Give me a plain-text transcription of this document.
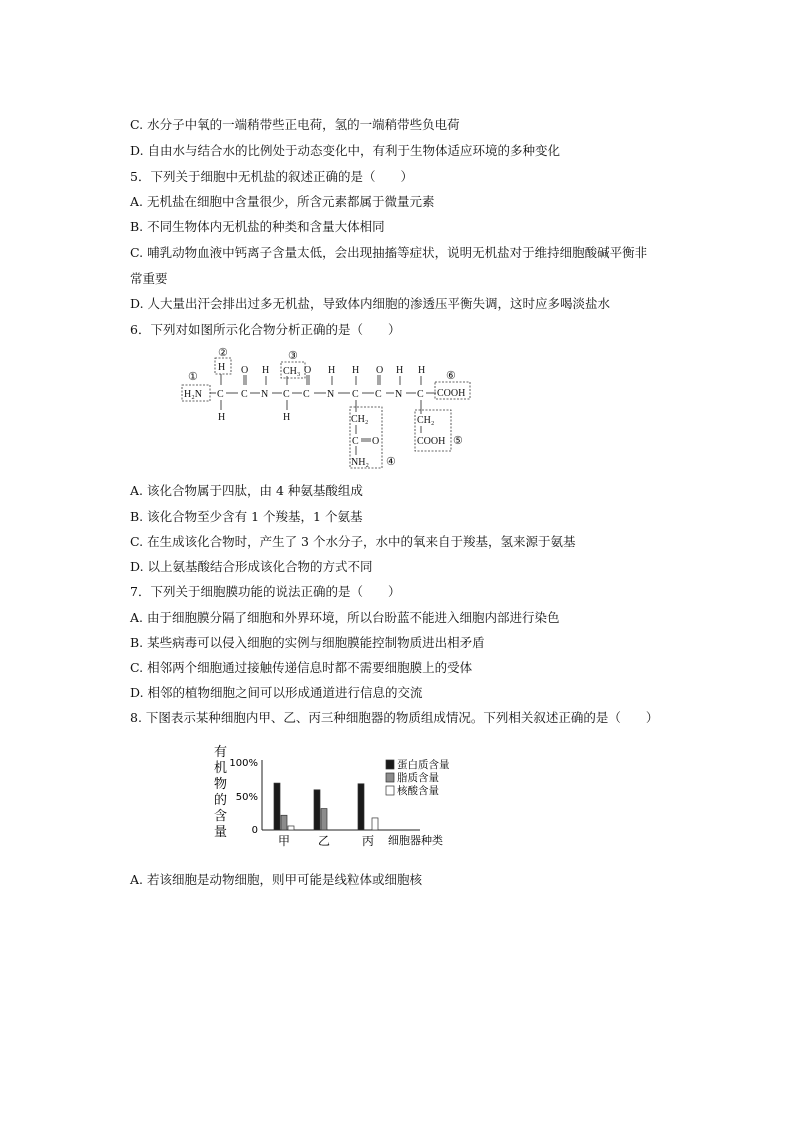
C. 水分子中氧的一端稍带些正电荷，氢的一端稍带些负电荷
D. 自由水与结合水的比例处于动态变化中，有利于生物体适应环境的多种变化
5．下列关于细胞中无机盐的叙述正确的是（　　）
A. 无机盐在细胞中含量很少，所含元素都属于微量元素
B. 不同生物体内无机盐的种类和含量大体相同
C. 哺乳动物血液中钙离子含量太低，会出现抽搐等症状，说明无机盐对于维持细胞酸碱平衡非
常重要
D. 人大量出汗会排出过多无机盐，导致体内细胞的渗透压平衡失调，这时应多喝淡盐水
6．下列对如图所示化合物分析正确的是（　　）
H₂N
①
C
H
H
②
C
O
N
H
C
H
CH₃
③
C
O
N
H
C
H
CH₂
C O
NH₂ ④
C
O
N
H
C
H
CH₂
COOH ⑤
COOH
⑥
A. 该化合物属于四肽，由 4 种氨基酸组成
B. 该化合物至少含有 1 个羧基，1 个氨基
C. 在生成该化合物时，产生了 3 个水分子，水中的氧来自于羧基，氢来源于氨基
D. 以上氨基酸结合形成该化合物的方式不同
7．下列关于细胞膜功能的说法正确的是（　　）
A. 由于细胞膜分隔了细胞和外界环境，所以台盼蓝不能进入细胞内部进行染色
B. 某些病毒可以侵入细胞的实例与细胞膜能控制物质进出相矛盾
C. 相邻两个细胞通过接触传递信息时都不需要细胞膜上的受体
D. 相邻的植物细胞之间可以形成通道进行信息的交流
8. 下图表示某种细胞内甲、乙、丙三种细胞器的物质组成情况。下列相关叙述正确的是（　　）
有
机
物
的
含
量
100%
50%
0
细胞器种类
甲 乙	丙
蛋白质含量
脂质含量
核酸含量
A. 若该细胞是动物细胞，则甲可能是线粒体或细胞核
